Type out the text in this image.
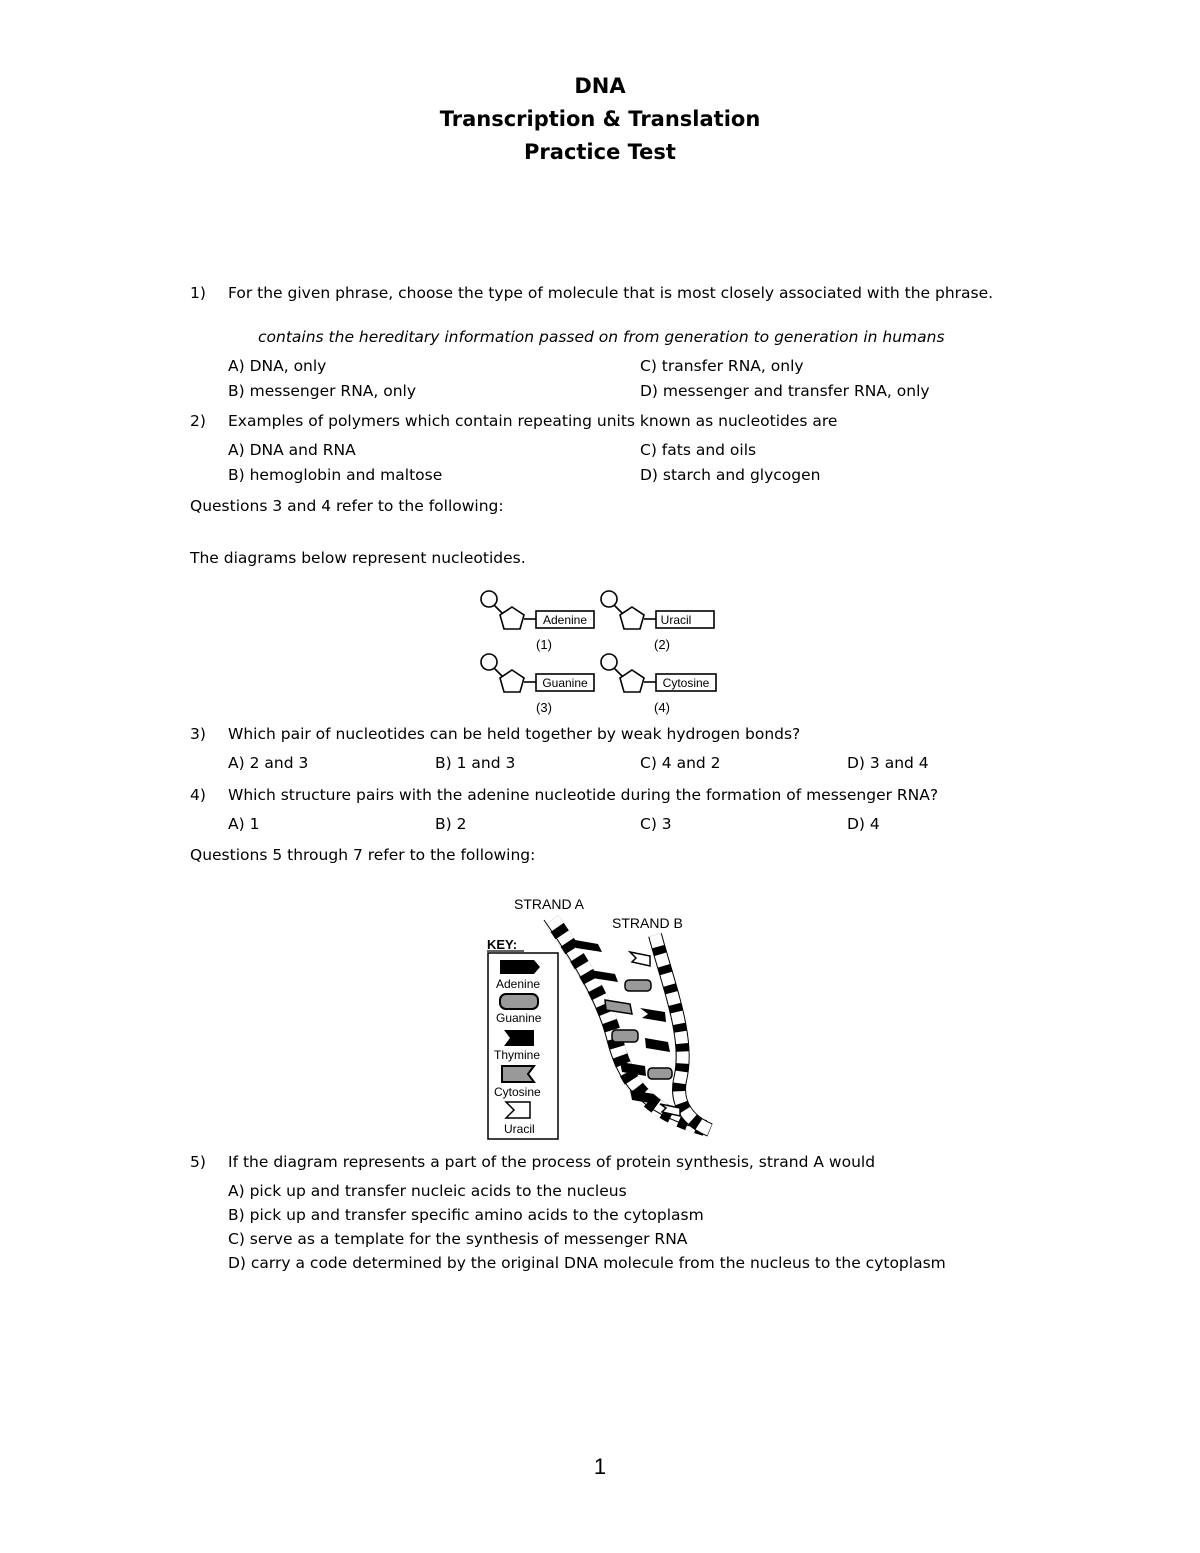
DNA
Transcription & Translation
Practice Test
1) For the given phrase, choose the type of molecule that is most closely associated with the phrase.
contains the hereditary information passed on from generation to generation in humans
A) DNA, only
B) messenger RNA, only
C) transfer RNA, only
D) messenger and transfer RNA, only
2) Examples of polymers which contain repeating units known as nucleotides are
A) DNA and RNA
B) hemoglobin and maltose
C) fats and oils
D) starch and glycogen
Questions 3 and 4 refer to the following:
The diagrams below represent nucleotides.
Adenine
(1)
Uracil
(2)
Guanine
(3)
Cytosine
(4)
3) Which pair of nucleotides can be held together by weak hydrogen bonds?
A) 2 and 3	B) 1 and 3	C) 4 and 2	D) 3 and 4
4) Which structure pairs with the adenine nucleotide during the formation of messenger RNA?
A) 1	B) 2	C) 3	D) 4
Questions 5 through 7 refer to the following:
STRAND A
STRAND B
KEY:
Adenine
Guanine
Thymine
Cytosine
Uracil
5) If the diagram represents a part of the process of protein synthesis, strand A would
A) pick up and transfer nucleic acids to the nucleus
B) pick up and transfer specific amino acids to the cytoplasm
C) serve as a template for the synthesis of messenger RNA
D) carry a code determined by the original DNA molecule from the nucleus to the cytoplasm
1
